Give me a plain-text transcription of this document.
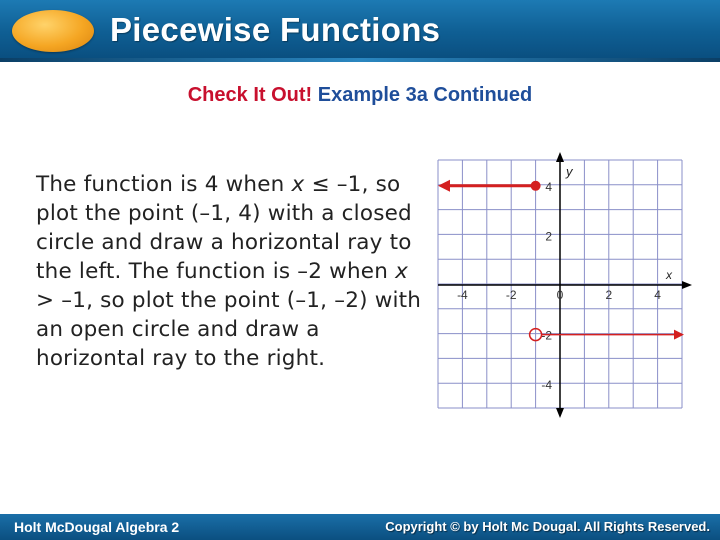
Piecewise Functions
Check It Out! Example 3a Continued
The function is 4 when x ≤ –1, so plot the point (–1, 4) with a closed circle and draw a horizontal ray to the left. The function is –2 when x > –1, so plot the point (–1, –2) with an open circle and draw a horizontal ray to the right.
x
y
-4	-2	0	2	4
4
2
-2
-4
Holt McDougal Algebra 2	Copyright © by Holt Mc Dougal. All Rights Reserved.
